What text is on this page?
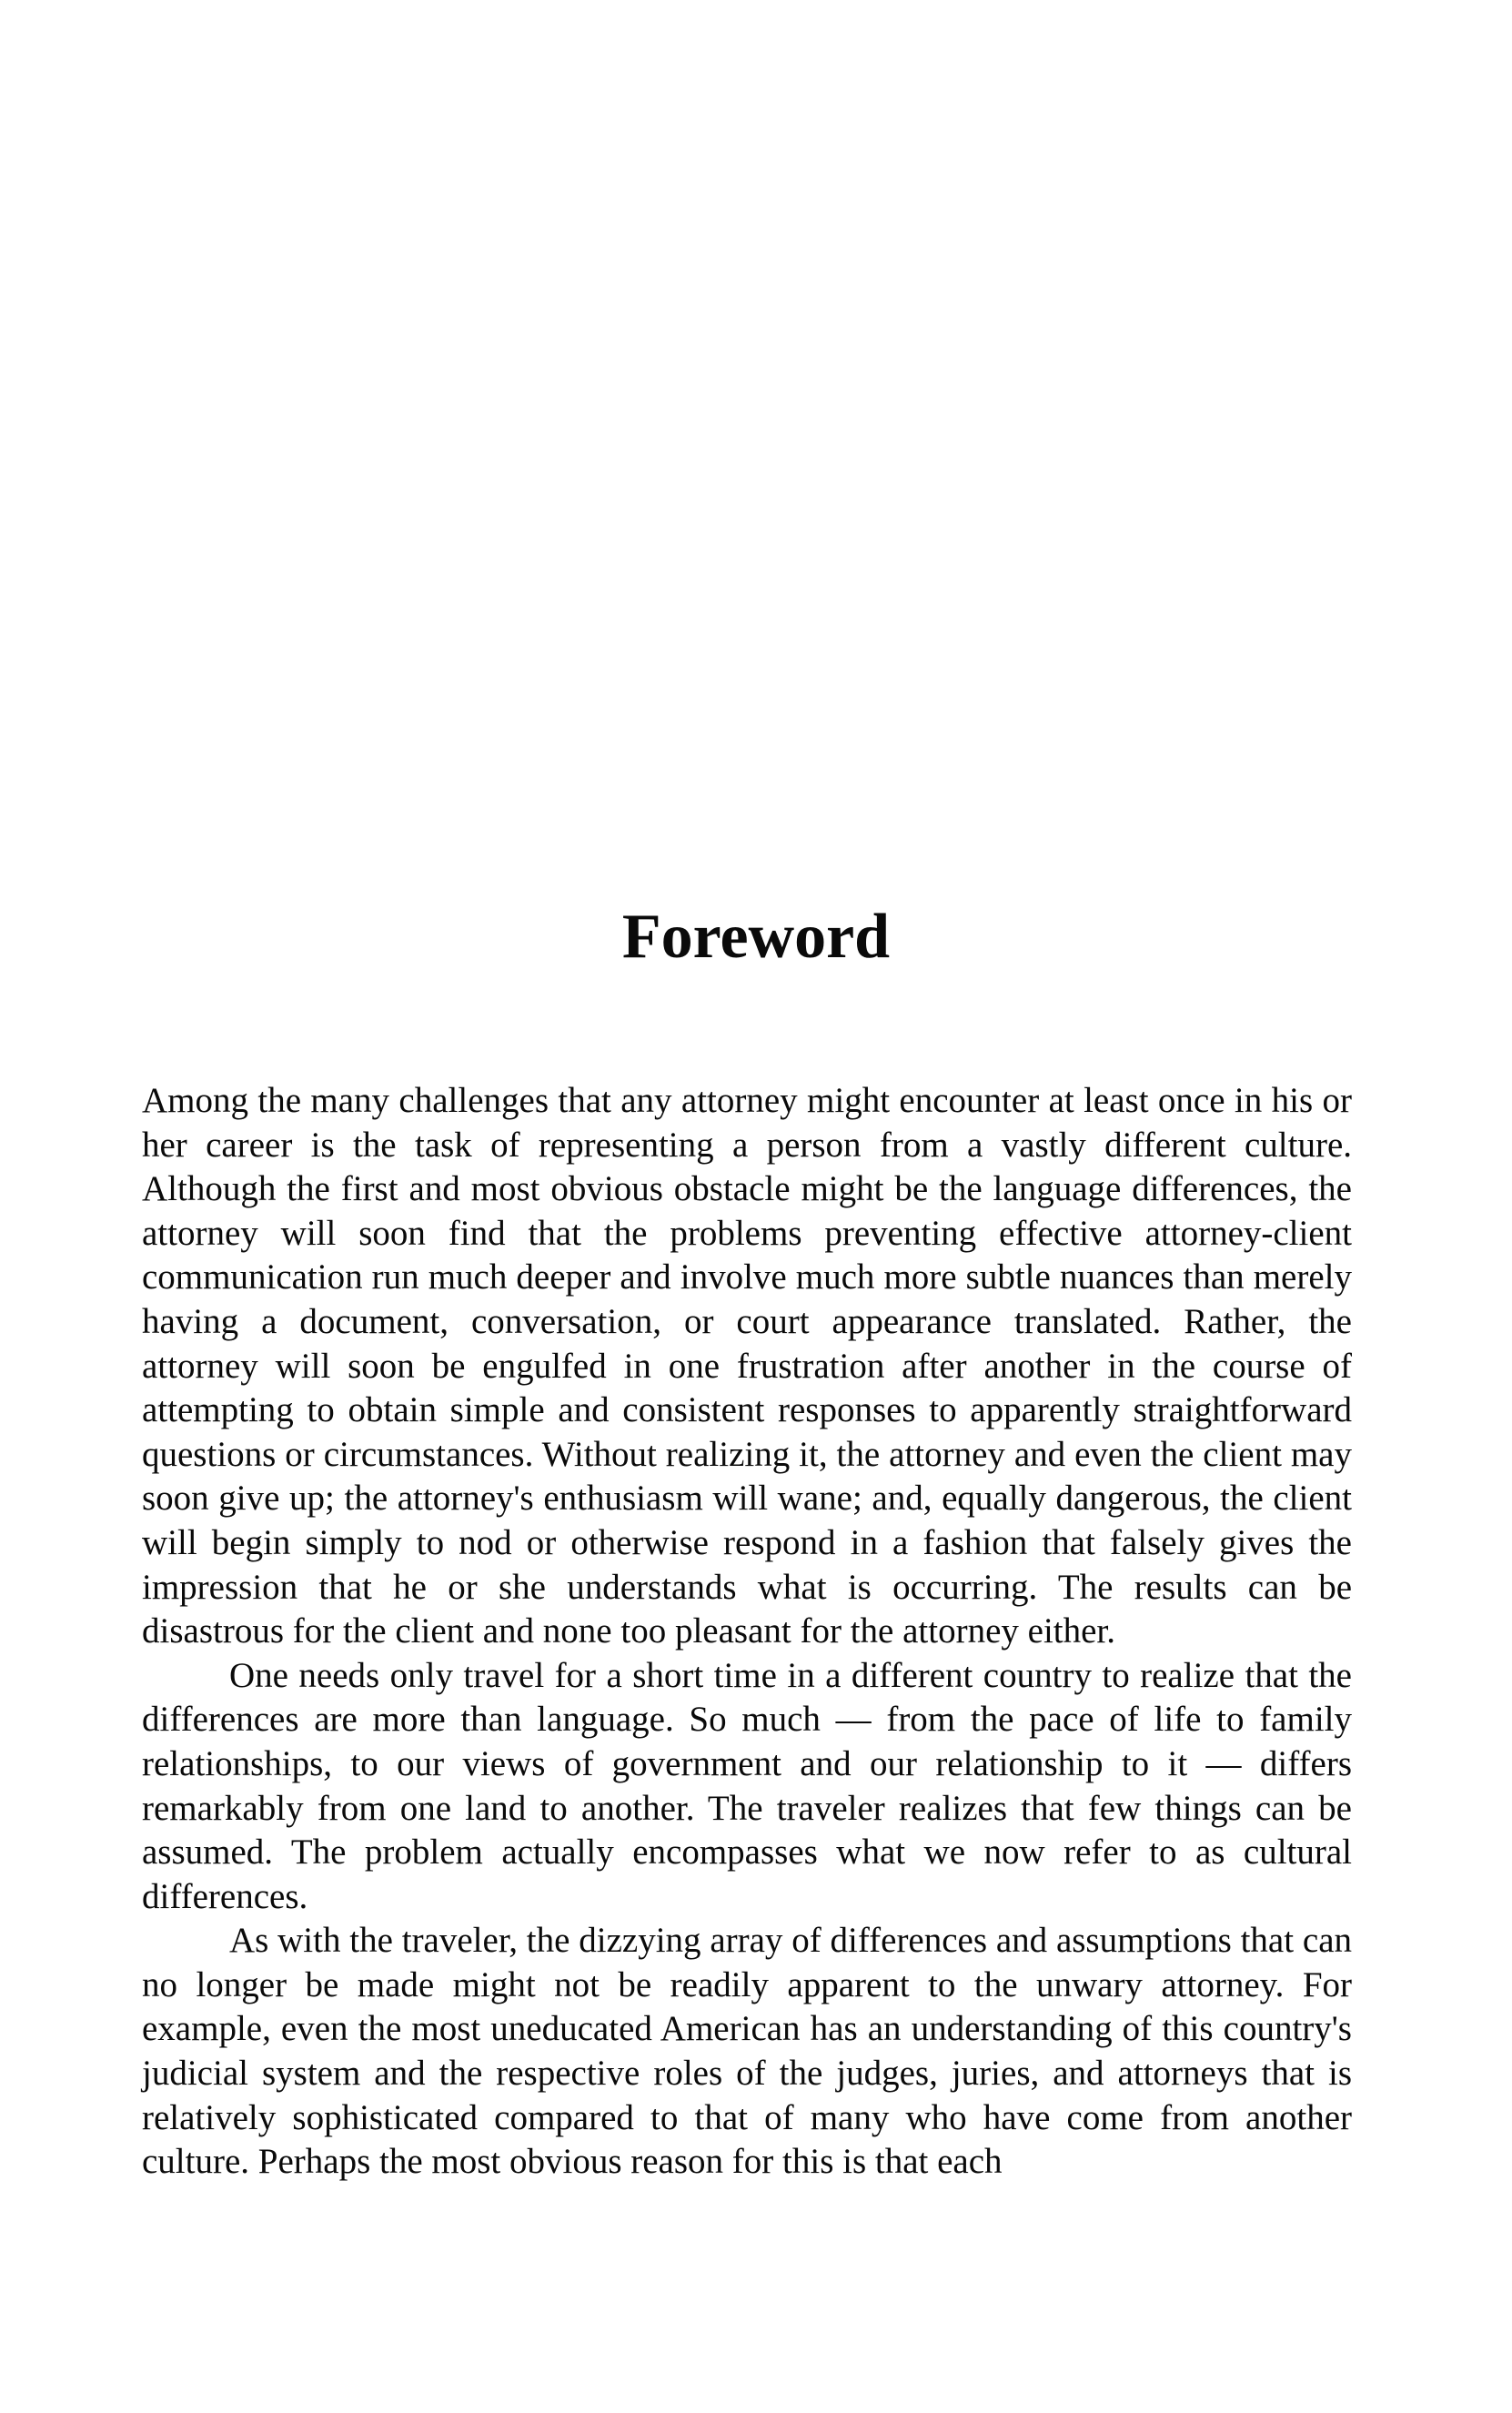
Foreword

Among the many challenges that any attorney might encounter at least once in his or her career is the task of representing a person from a vastly different culture. Although the first and most obvious obstacle might be the language differences, the attorney will soon find that the problems preventing effective attorney-client communication run much deeper and involve much more subtle nuances than merely having a document, conversation, or court appearance translated. Rather, the attorney will soon be engulfed in one frustration after another in the course of attempting to obtain simple and consistent responses to apparently straightforward questions or circumstances. Without realizing it, the attorney and even the client may soon give up; the attorney's enthusiasm will wane; and, equally dangerous, the client will begin simply to nod or otherwise respond in a fashion that falsely gives the impression that he or she understands what is occurring. The results can be disastrous for the client and none too pleasant for the attorney either.

One needs only travel for a short time in a different country to realize that the differences are more than language. So much — from the pace of life to family relationships, to our views of government and our relationship to it — differs remarkably from one land to another. The traveler realizes that few things can be assumed. The problem actually encompasses what we now refer to as cultural differences.

As with the traveler, the dizzying array of differences and assumptions that can no longer be made might not be readily apparent to the unwary attorney. For example, even the most uneducated American has an understanding of this country's judicial system and the respective roles of the judges, juries, and attorneys that is relatively sophisticated compared to that of many who have come from another culture. Perhaps the most obvious reason for this is that each
